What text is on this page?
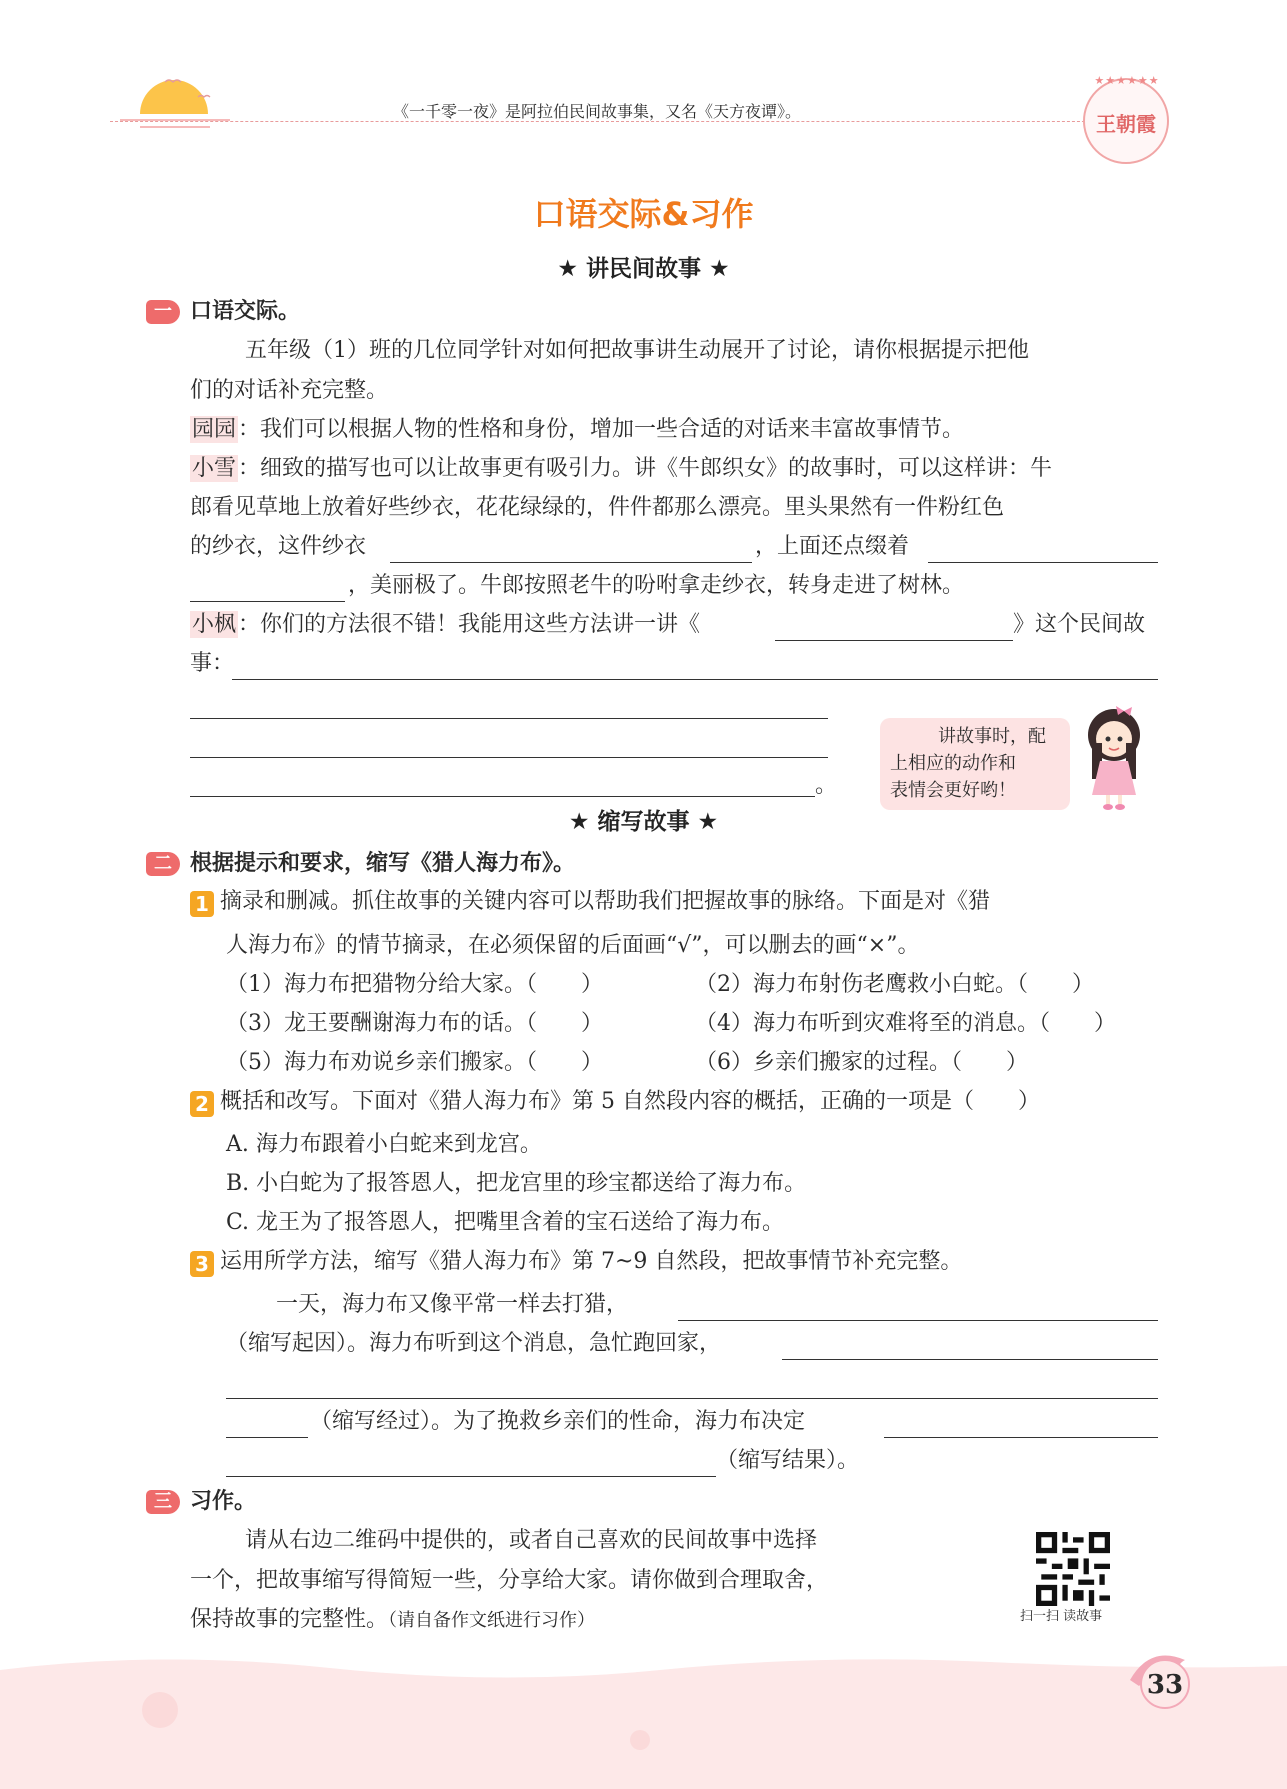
《一千零一夜》是阿拉伯民间故事集，又名《天方夜谭》。
★★★★★★
王朝霞
口语交际&习作
★ 讲民间故事 ★
一 口语交际。
五年级（1）班的几位同学针对如何把故事讲生动展开了讨论，请你根据提示把他
们的对话补充完整。
园园：我们可以根据人物的性格和身份，增加一些合适的对话来丰富故事情节。
小雪：细致的描写也可以让故事更有吸引力。讲《牛郎织女》的故事时，可以这样讲：牛
郎看见草地上放着好些纱衣，花花绿绿的，件件都那么漂亮。里头果然有一件粉红色
的纱衣，这件纱衣	，上面还点缀着
，美丽极了。牛郎按照老牛的吩咐拿走纱衣，转身走进了树林。
小枫：你们的方法很不错！我能用这些方法讲一讲《	》这个民间故
事：
。
讲故事时，配
上相应的动作和
表情会更好哟！
★ 缩写故事 ★
二 根据提示和要求，缩写《猎人海力布》。
1 摘录和删减。抓住故事的关键内容可以帮助我们把握故事的脉络。下面是对《猎
人海力布》的情节摘录，在必须保留的后面画“√”，可以删去的画“×”。
（1）海力布把猎物分给大家。（　　）	（2）海力布射伤老鹰救小白蛇。（　　）
（3）龙王要酬谢海力布的话。（　　）	（4）海力布听到灾难将至的消息。（　　）
（5）海力布劝说乡亲们搬家。（　　）	（6）乡亲们搬家的过程。（　　）
2 概括和改写。下面对《猎人海力布》第 5 自然段内容的概括，正确的一项是（　　）
A. 海力布跟着小白蛇来到龙宫。
B. 小白蛇为了报答恩人，把龙宫里的珍宝都送给了海力布。
C. 龙王为了报答恩人，把嘴里含着的宝石送给了海力布。
3 运用所学方法，缩写《猎人海力布》第 7~9 自然段，把故事情节补充完整。
一天，海力布又像平常一样去打猎，
（缩写起因）。海力布听到这个消息，急忙跑回家，
（缩写经过）。为了挽救乡亲们的性命，海力布决定
（缩写结果）。
三 习作。
请从右边二维码中提供的，或者自己喜欢的民间故事中选择
一个，把故事缩写得简短一些，分享给大家。请你做到合理取舍，
保持故事的完整性。（请自备作文纸进行习作）	扫一扫 读故事
33
